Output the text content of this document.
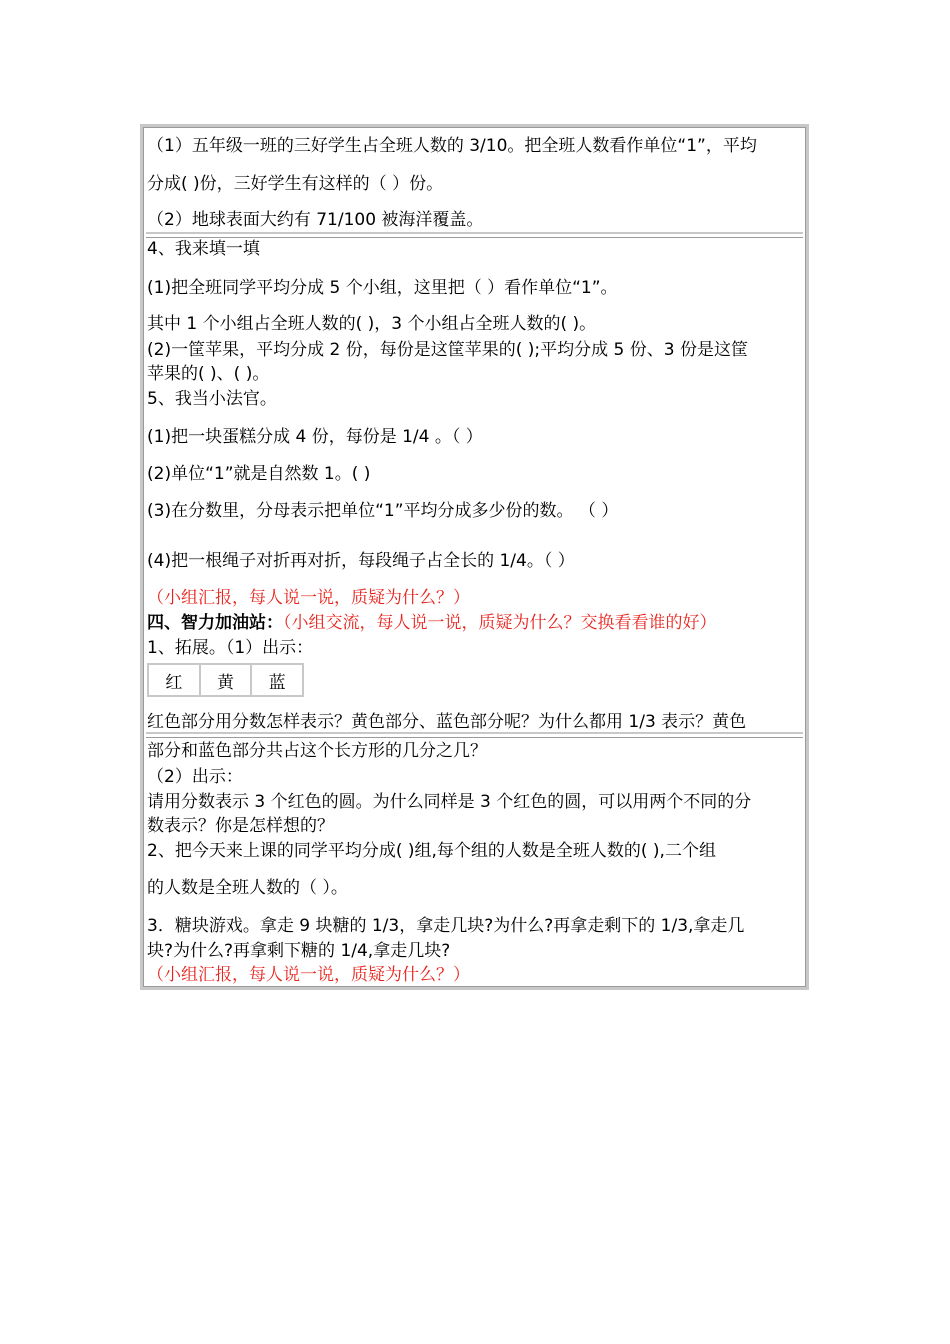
（1）五年级一班的三好学生占全班人数的 3/10。把全班人数看作单位“1”，平均
分成( )份，三好学生有这样的（ ）份。
（2）地球表面大约有 71/100 被海洋覆盖。
4、我来填一填
(1)把全班同学平均分成 5 个小组，这里把（ ）看作单位“1”。
其中 1 个小组占全班人数的( )，3 个小组占全班人数的( )。
(2)一筐苹果，平均分成 2 份，每份是这筐苹果的( );平均分成 5 份、3 份是这筐
苹果的( )、( )。
5、我当小法官。
(1)把一块蛋糕分成 4 份，每份是 1/4 。（ ）
(2)单位“1”就是自然数 1。( )
(3)在分数里，分母表示把单位“1”平均分成多少份的数。 （ ）
(4)把一根绳子对折再对折，每段绳子占全长的 1/4。（ ）
（小组汇报，每人说一说，质疑为什么？）
四、智力加油站：（小组交流，每人说一说，质疑为什么？交换看看谁的好）
1、拓展。（1）出示：
红	黄	蓝
红色部分用分数怎样表示？黄色部分、蓝色部分呢？为什么都用 1/3 表示？黄色
部分和蓝色部分共占这个长方形的几分之几？
（2）出示：
请用分数表示 3 个红色的圆。为什么同样是 3 个红色的圆，可以用两个不同的分
数表示？你是怎样想的？
2、把今天来上课的同学平均分成( )组,每个组的人数是全班人数的( ),二个组
的人数是全班人数的（ ）。
3．糖块游戏。拿走 9 块糖的 1/3，拿走几块?为什么?再拿走剩下的 1/3,拿走几
块?为什么?再拿剩下糖的 1/4,拿走几块?
（小组汇报，每人说一说，质疑为什么？）
